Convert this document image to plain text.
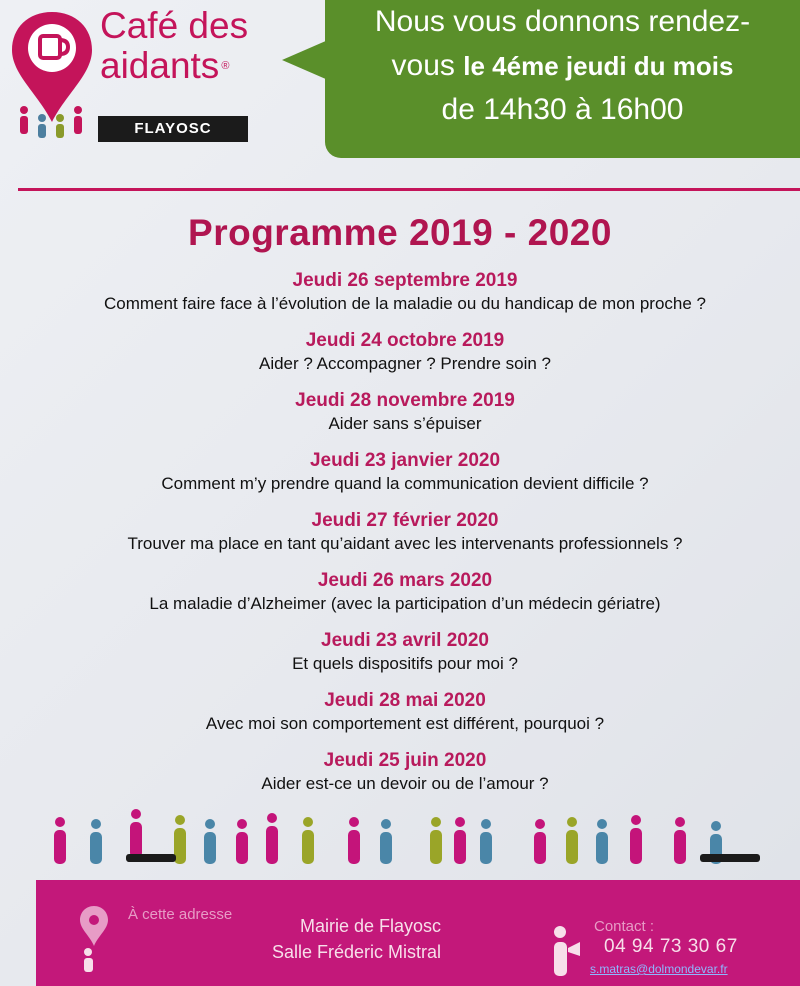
Café des
aidants ®
FLAYOSC
Nous vous donnons rendez-
vous le 4éme jeudi du mois
de 14h30 à 16h00
Programme 2019 - 2020
Jeudi 26 septembre 2019
Comment faire face à l’évolution de la maladie ou du handicap de mon proche ?
Jeudi 24 octobre 2019
Aider ? Accompagner ? Prendre soin ?
Jeudi 28 novembre 2019
Aider sans s’épuiser
Jeudi 23 janvier 2020
Comment m’y prendre quand la communication devient difficile ?
Jeudi 27 février 2020
Trouver ma place en tant qu’aidant avec les intervenants professionnels ?
Jeudi 26 mars 2020
La maladie d’Alzheimer (avec la participation d’un médecin gériatre)
Jeudi 23 avril 2020
Et quels dispositifs pour moi ?
Jeudi 28 mai 2020
Avec moi son comportement est différent, pourquoi ?
Jeudi 25 juin 2020
Aider est-ce un devoir ou de l’amour ?
À cette adresse
Mairie de Flayosc
Salle Fréderic Mistral
Contact :
04 94 73 30 67
s.matras@dolmondevar.fr
